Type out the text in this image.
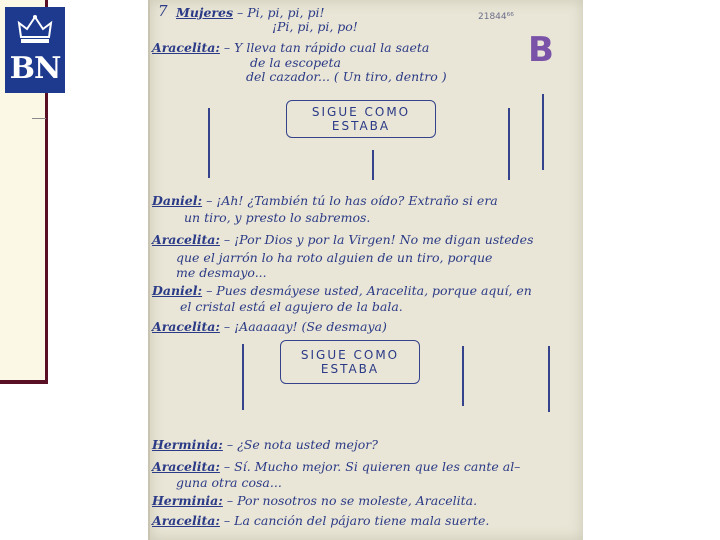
BN
7	21844⁶⁶
B
Mujeres – Pi, pi, pi, pi!
¡Pi, pi, pi, po!
Aracelita: – Y lleva tan rápido cual la saeta
de la escopeta
del cazador... ( Un tiro, dentro )
SIGUE COMO
ESTABA
Daniel: – ¡Ah! ¿También tú lo has oído? Extraño si era
un tiro, y presto lo sabremos.
Aracelita: – ¡Por Dios y por la Virgen! No me digan ustedes
que el jarrón lo ha roto alguien de un tiro, porque
me desmayo...
Daniel: – Pues desmáyese usted, Aracelita, porque aquí, en
el cristal está el agujero de la bala.
Aracelita: – ¡Aaaaaay! (Se desmaya)
SIGUE COMO
ESTABA
Herminia: – ¿Se nota usted mejor?
Aracelita: – Sí. Mucho mejor. Si quieren que les cante al–
guna otra cosa...
Herminia: – Por nosotros no se moleste, Aracelita.
Aracelita: – La canción del pájaro tiene mala suerte.
